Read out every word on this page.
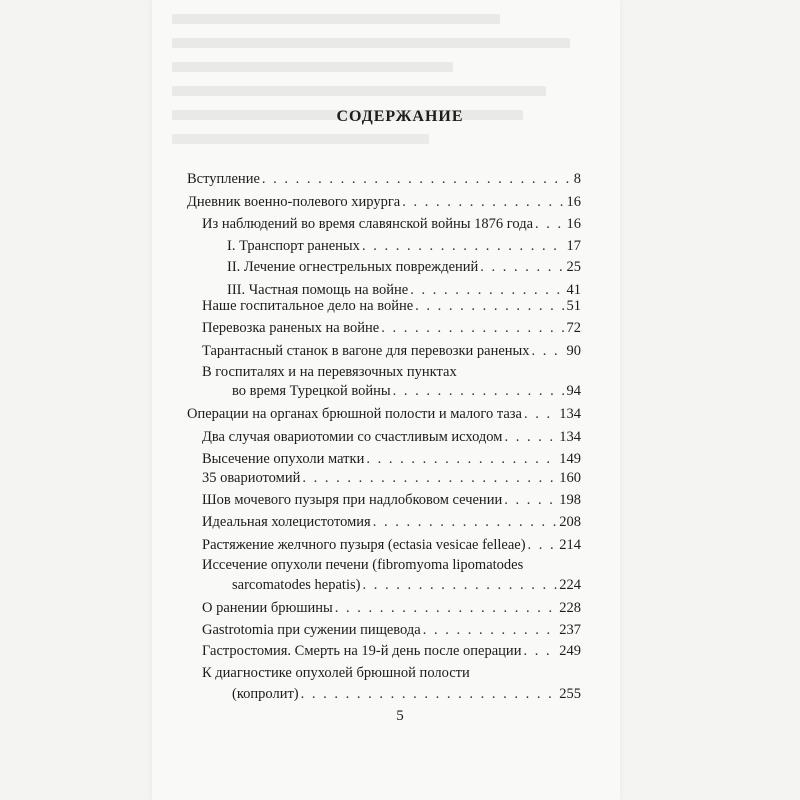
СОДЕРЖАНИЕ
Вступление . . .	8
Дневник военно-полевого хирурга . . .	16
Из наблюдений во время славянской войны 1876 года . . . 16
I. Транспорт раненых . . .	17
II. Лечение огнестрельных повреждений . . .	25
III. Частная помощь на войне . . .	41
Наше госпитальное дело на войне . . .	51
Перевозка раненых на войне . . .	72
Тарантасный станок в вагоне для перевозки раненых . . .	90
В госпиталях и на перевязочных пунктах
во время Турецкой войны . . .	94
Операции на органах брюшной полости и малого таза . . .	134
Два случая овариотомии со счастливым исходом . . .	134
Высечение опухоли матки . . .	149
35 овариотомий . . .	160
Шов мочевого пузыря при надлобковом сечении . . .	198
Идеальная холецистотомия . . .	208
Растяжение желчного пузыря (ectasia vesicae felleae) . . . 214
Иссечение опухоли печени (fibromyoma lipomatodes
sarcomatodes hepatis) . . .	224
О ранении брюшины . . .	228
Gastrotomia при сужении пищевода . . .	237
Гастростомия. Смерть на 19-й день после операции . . .	249
К диагностике опухолей брюшной полости
(копролит) . . .	255
5
